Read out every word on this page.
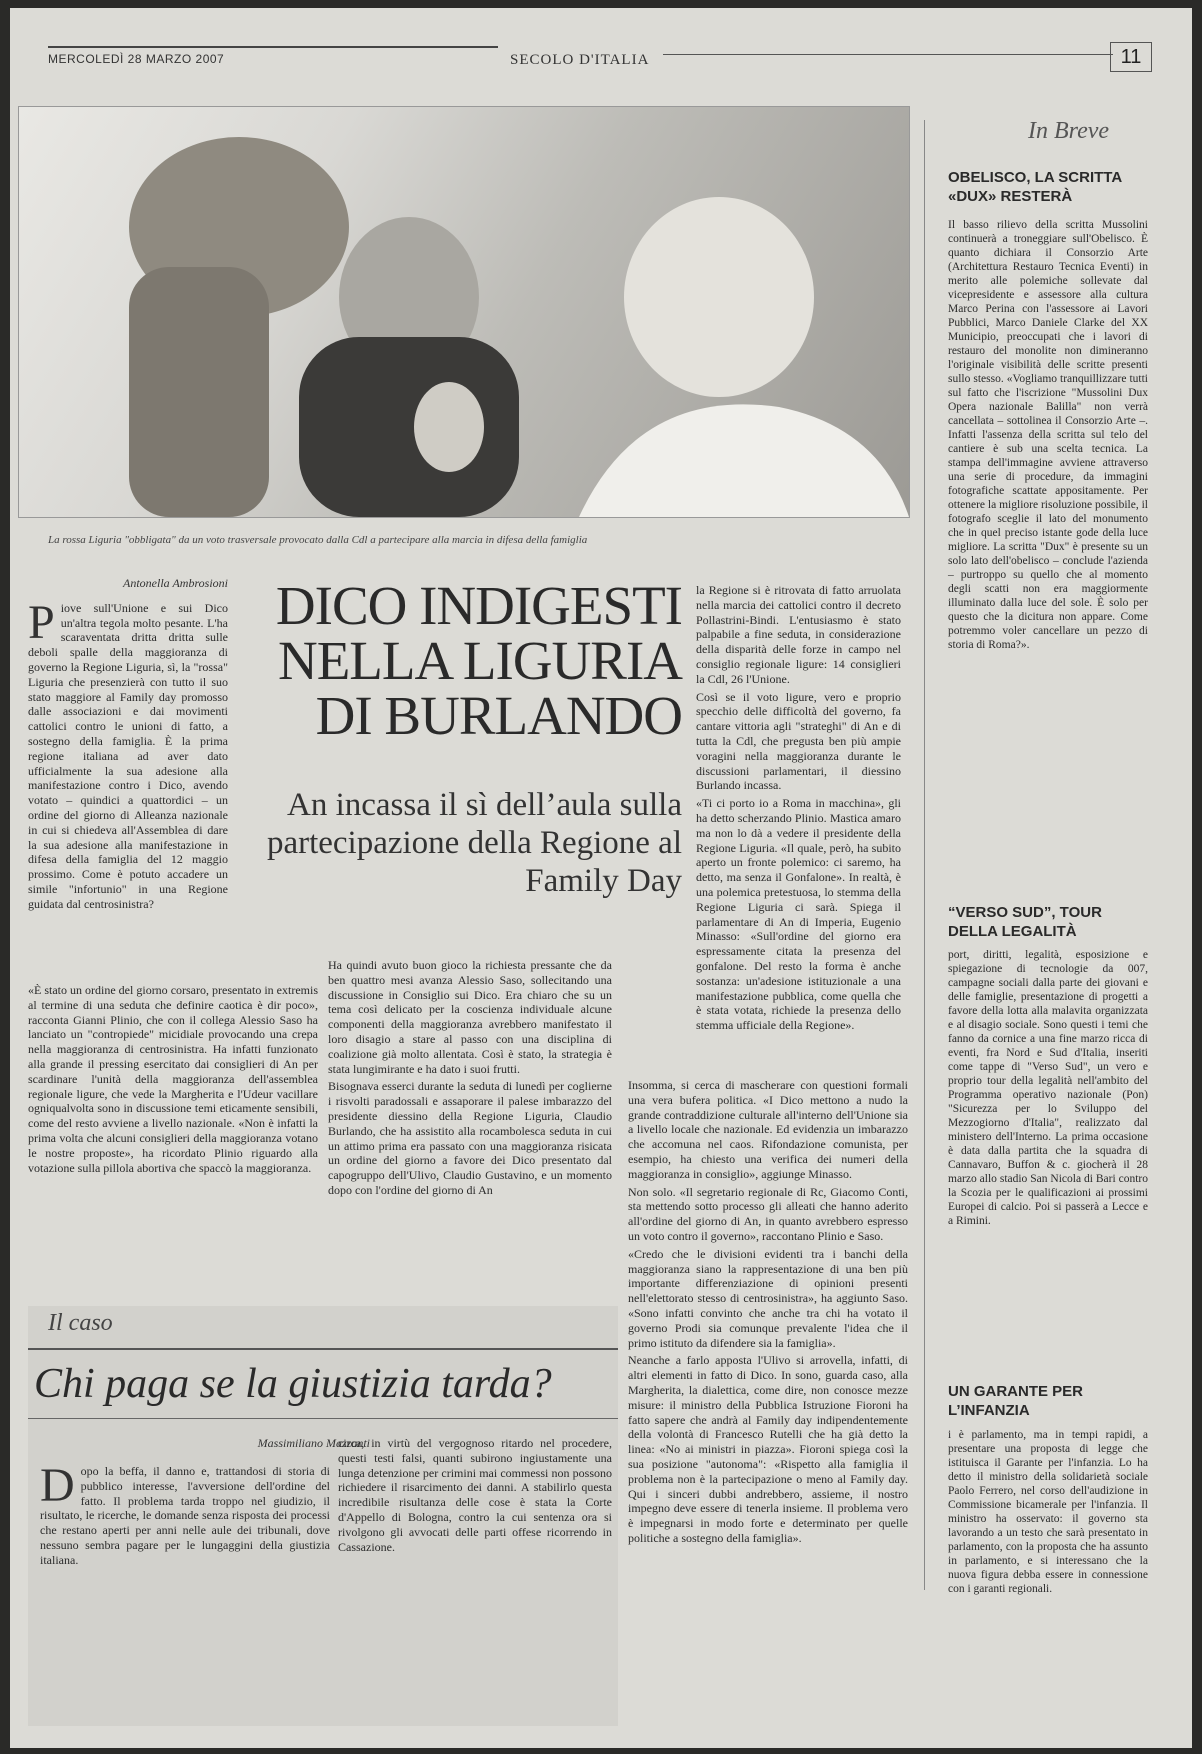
MERCOLEDÌ 28 MARZO 2007	SECOLO D'ITALIA	11
La rossa Liguria "obbligata" da un voto trasversale provocato dalla Cdl a partecipare alla marcia in difesa della famiglia
Antonella Ambrosioni

Piove sull'Unione e sui Dico un'altra tegola molto pesante. L'ha scaraventata dritta dritta sulle deboli spalle della maggioranza di governo la Regione Liguria, sì, la "rossa" Liguria che presenzierà con tutto il suo stato maggiore al Family day promosso dalle associazioni e dai movimenti cattolici contro le unioni di fatto, a sostegno della famiglia. È la prima regione italiana ad aver dato ufficialmente la sua adesione alla manifestazione contro i Dico, avendo votato – quindici a quattordici – un ordine del giorno di Alleanza nazionale in cui si chiedeva all'Assemblea di dare la sua adesione alla manifestazione in difesa della famiglia del 12 maggio prossimo. Come è potuto accadere un simile "infortunio" in una Regione guidata dal centrosinistra?

DICO INDIGESTI NELLA LIGURIA DI BURLANDO
An incassa il sì dell’aula sulla partecipazione della Regione al Family Day

«È stato un ordine del giorno corsaro, presentato in extremis al termine di una seduta che definire caotica è dir poco», racconta Gianni Plinio, che con il collega Alessio Saso ha lanciato un "contropiede" micidiale provocando una crepa nella maggioranza di centrosinistra. Ha infatti funzionato alla grande il pressing esercitato dai consiglieri di An per scardinare l'unità della maggioranza dell'assemblea regionale ligure, che vede la Margherita e l'Udeur vacillare ogniqualvolta sono in discussione temi eticamente sensibili, come del resto avviene a livello nazionale. «Non è infatti la prima volta che alcuni consiglieri della maggioranza votano le nostre proposte», ha ricordato Plinio riguardo alla votazione sulla pillola abortiva che spaccò la maggioranza.

Ha quindi avuto buon gioco la richiesta pressante che da ben quattro mesi avanza Alessio Saso, sollecitando una discussione in Consiglio sui Dico. Era chiaro che su un tema così delicato per la coscienza individuale alcune componenti della maggioranza avrebbero manifestato il loro disagio a stare al passo con una disciplina di coalizione già molto allentata. Così è stato, la strategia è stata lungimirante e ha dato i suoi frutti.

Bisognava esserci durante la seduta di lunedì per coglierne i risvolti paradossali e assaporare il palese imbarazzo del presidente diessino della Regione Liguria, Claudio Burlando, che ha assistito alla rocambolesca seduta in cui un attimo prima era passato con una maggioranza risicata un ordine del giorno a favore dei Dico presentato dal capogruppo dell'Ulivo, Claudio Gustavino, e un momento dopo con l'ordine del giorno di An

la Regione si è ritrovata di fatto arruolata nella marcia dei cattolici contro il decreto Pollastrini-Bindi. L'entusiasmo è stato palpabile a fine seduta, in considerazione della disparità delle forze in campo nel consiglio regionale ligure: 14 consiglieri la Cdl, 26 l'Unione.

Così se il voto ligure, vero e proprio specchio delle difficoltà del governo, fa cantare vittoria agli "strateghi" di An e di tutta la Cdl, che pregusta ben più ampie voragini nella maggioranza durante le discussioni parlamentari, il diessino Burlando incassa.

«Ti ci porto io a Roma in macchina», gli ha detto scherzando Plinio. Mastica amaro ma non lo dà a vedere il presidente della Regione Liguria. «Il quale, però, ha subito aperto un fronte polemico: ci saremo, ha detto, ma senza il Gonfalone». In realtà, è una polemica pretestuosa, lo stemma della Regione Liguria ci sarà. Spiega il parlamentare di An di Imperia, Eugenio Minasso: «Sull'ordine del giorno era espressamente citata la presenza del gonfalone. Del resto la forma è anche sostanza: un'adesione istituzionale a una manifestazione pubblica, come quella che è stata votata, richiede la presenza dello stemma ufficiale della Regione».

Insomma, si cerca di mascherare con questioni formali una vera bufera politica. «I Dico mettono a nudo la grande contraddizione culturale all'interno dell'Unione sia a livello locale che nazionale. Ed evidenzia un imbarazzo che accomuna nel caos. Rifondazione comunista, per esempio, ha chiesto una verifica dei numeri della maggioranza in consiglio», aggiunge Minasso.

Non solo. «Il segretario regionale di Rc, Giacomo Conti, sta mettendo sotto processo gli alleati che hanno aderito all'ordine del giorno di An, in quanto avrebbero espresso un voto contro il governo», raccontano Plinio e Saso.

«Credo che le divisioni evidenti tra i banchi della maggioranza siano la rappresentazione di una ben più importante differenziazione di opinioni presenti nell'elettorato stesso di centrosinistra», ha aggiunto Saso. «Sono infatti convinto che anche tra chi ha votato il governo Prodi sia comunque prevalente l'idea che il primo istituto da difendere sia la famiglia».

Neanche a farlo apposta l'Ulivo si arrovella, infatti, di altri elementi in fatto di Dico. In sono, guarda caso, alla Margherita, la dialettica, come dire, non conosce mezze misure: il ministro della Pubblica Istruzione Fioroni ha fatto sapere che andrà al Family day indipendentemente della volontà di Francesco Rutelli che ha già detto la linea: «No ai ministri in piazza». Fioroni spiega così la sua posizione "autonoma": «Rispetto alla famiglia il problema non è la partecipazione o meno al Family day. Qui i sinceri dubbi andrebbero, assieme, il nostro impegno deve essere di tenerla insieme. Il problema vero è impegnarsi in modo forte e determinato per quelle politiche a sostegno della famiglia».

Il caso
Chi paga se la giustizia tarda?
Massimiliano Mazzanti

Dopo la beffa, il danno e, trattandosi di storia di pubblico interesse, l'avversione dell'ordine del fatto. Il problema tarda troppo nel giudizio, il risultato, le ricerche, le domande senza risposta dei processi che restano aperti per anni nelle aule dei tribunali, dove nessuno sembra pagare per le lungaggini della giustizia italiana.

circa, in virtù del vergognoso ritardo nel procedere, questi testi falsi, quanti subirono ingiustamente una lunga detenzione per crimini mai commessi non possono richiedere il risarcimento dei danni. A stabilirlo questa incredibile risultanza delle cose è stata la Corte d'Appello di Bologna, contro la cui sentenza ora si rivolgono gli avvocati delle parti offese ricorrendo in Cassazione.

In Breve
OBELISCO, LA SCRITTA «DUX» RESTERÀ
Il basso rilievo della scritta Mussolini continuerà a troneggiare sull'Obelisco. È quanto dichiara il Consorzio Arte (Architettura Restauro Tecnica Eventi) in merito alle polemiche sollevate dal vicepresidente e assessore alla cultura Marco Perina con l'assessore ai Lavori Pubblici, Marco Daniele Clarke del XX Municipio, preoccupati che i lavori di restauro del monolite non dimineranno l'originale visibilità delle scritte presenti sullo stesso. «Vogliamo tranquillizzare tutti sul fatto che l'iscrizione "Mussolini Dux Opera nazionale Balilla" non verrà cancellata – sottolinea il Consorzio Arte –. Infatti l'assenza della scritta sul telo del cantiere è sub una scelta tecnica. La stampa dell'immagine avviene attraverso una serie di procedure, da immagini fotografiche scattate appositamente. Per ottenere la migliore risoluzione possibile, il fotografo sceglie il lato del monumento che in quel preciso istante gode della luce migliore. La scritta "Dux" è presente su un solo lato dell'obelisco – conclude l'azienda – purtroppo su quello che al momento degli scatti non era maggiormente illuminato dalla luce del sole. È solo per questo che la dicitura non appare. Come potremmo voler cancellare un pezzo di storia di Roma?».
“VERSO SUD”, TOUR DELLA LEGALITÀ
port, diritti, legalità, esposizione e spiegazione di tecnologie da 007, campagne sociali dalla parte dei giovani e delle famiglie, presentazione di progetti a favore della lotta alla malavita organizzata e al disagio sociale. Sono questi i temi che fanno da cornice a una fine marzo ricca di eventi, fra Nord e Sud d'Italia, inseriti come tappe di "Verso Sud", un vero e proprio tour della legalità nell'ambito del Programma operativo nazionale (Pon) "Sicurezza per lo Sviluppo del Mezzogiorno d'Italia", realizzato dal ministero dell'Interno. La prima occasione è data dalla partita che la squadra di Cannavaro, Buffon & c. giocherà il 28 marzo allo stadio San Nicola di Bari contro la Scozia per le qualificazioni ai prossimi Europei di calcio. Poi si passerà a Lecce e a Rimini.
UN GARANTE PER L’INFANZIA
i è parlamento, ma in tempi rapidi, a presentare una proposta di legge che istituisca il Garante per l'infanzia. Lo ha detto il ministro della solidarietà sociale Paolo Ferrero, nel corso dell'audizione in Commissione bicamerale per l'infanzia. Il ministro ha osservato: il governo sta lavorando a un testo che sarà presentato in parlamento, con la proposta che ha assunto in parlamento, e si interessano che la nuova figura debba essere in connessione con i garanti regionali.
